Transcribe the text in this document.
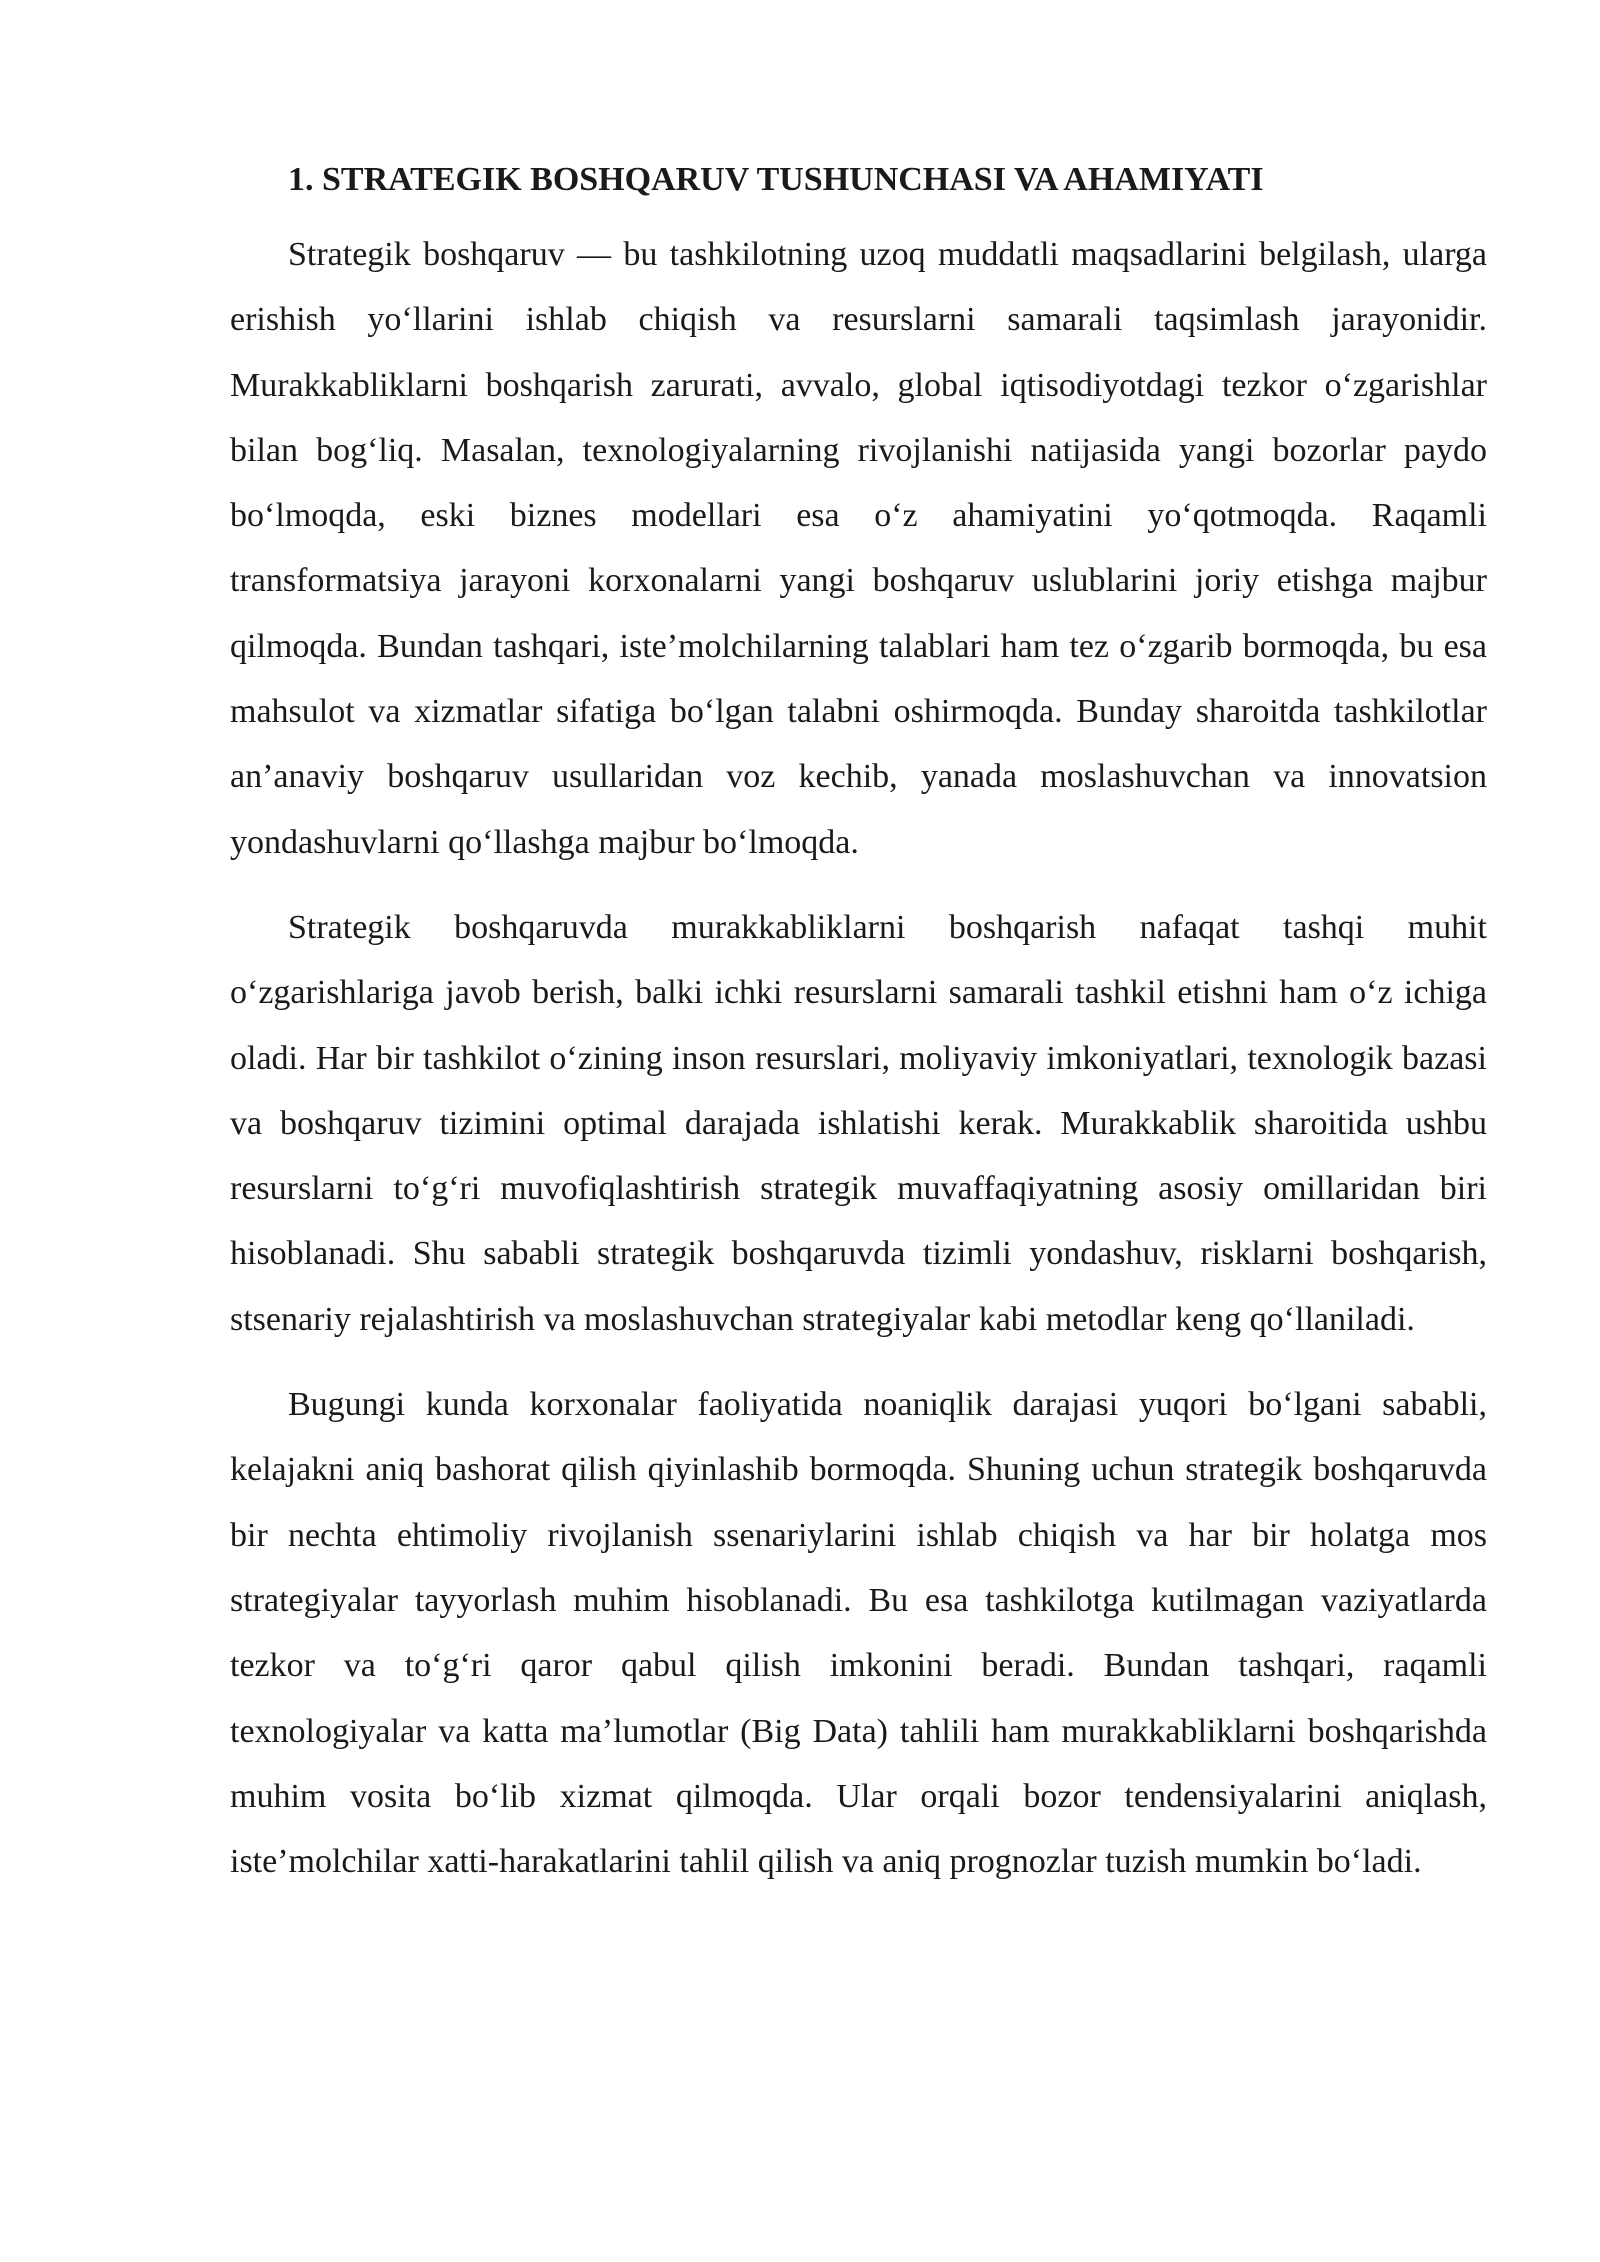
1. STRATEGIK BOSHQARUV TUSHUNCHASI VA AHAMIYATI

Strategik boshqaruv — bu tashkilotning uzoq muddatli maqsadlarini belgilash, ularga erishish yo‘llarini ishlab chiqish va resurslarni samarali taqsimlash jarayonidir. Murakkabliklarni boshqarish zarurati, avvalo, global iqtisodiyotdagi tezkor o‘zgarishlar bilan bog‘liq. Masalan, texnologiyalarning rivojlanishi natijasida yangi bozorlar paydo bo‘lmoqda, eski biznes modellari esa o‘z ahamiyatini yo‘qotmoqda. Raqamli transformatsiya jarayoni korxonalarni yangi boshqaruv uslublarini joriy etishga majbur qilmoqda. Bundan tashqari, iste’molchilarning talablari ham tez o‘zgarib bormoqda, bu esa mahsulot va xizmatlar sifatiga bo‘lgan talabni oshirmoqda. Bunday sharoitda tashkilotlar an’anaviy boshqaruv usullaridan voz kechib, yanada moslashuvchan va innovatsion yondashuvlarni qo‘llashga majbur bo‘lmoqda.

Strategik boshqaruvda murakkabliklarni boshqarish nafaqat tashqi muhit o‘zgarishlariga javob berish, balki ichki resurslarni samarali tashkil etishni ham o‘z ichiga oladi. Har bir tashkilot o‘zining inson resurslari, moliyaviy imkoniyatlari, texnologik bazasi va boshqaruv tizimini optimal darajada ishlatishi kerak. Murakkablik sharoitida ushbu resurslarni to‘g‘ri muvofiqlashtirish strategik muvaffaqiyatning asosiy omillaridan biri hisoblanadi. Shu sababli strategik boshqaruvda tizimli yondashuv, risklarni boshqarish, stsenariy rejalashtirish va moslashuvchan strategiyalar kabi metodlar keng qo‘llaniladi.

Bugungi kunda korxonalar faoliyatida noaniqlik darajasi yuqori bo‘lgani sababli, kelajakni aniq bashorat qilish qiyinlashib bormoqda. Shuning uchun strategik boshqaruvda bir nechta ehtimoliy rivojlanish ssenariylarini ishlab chiqish va har bir holatga mos strategiyalar tayyorlash muhim hisoblanadi. Bu esa tashkilotga kutilmagan vaziyatlarda tezkor va to‘g‘ri qaror qabul qilish imkonini beradi. Bundan tashqari, raqamli texnologiyalar va katta ma’lumotlar (Big Data) tahlili ham murakkabliklarni boshqarishda muhim vosita bo‘lib xizmat qilmoqda. Ular orqali bozor tendensiyalarini aniqlash, iste’molchilar xatti-harakatlarini tahlil qilish va aniq prognozlar tuzish mumkin bo‘ladi.
